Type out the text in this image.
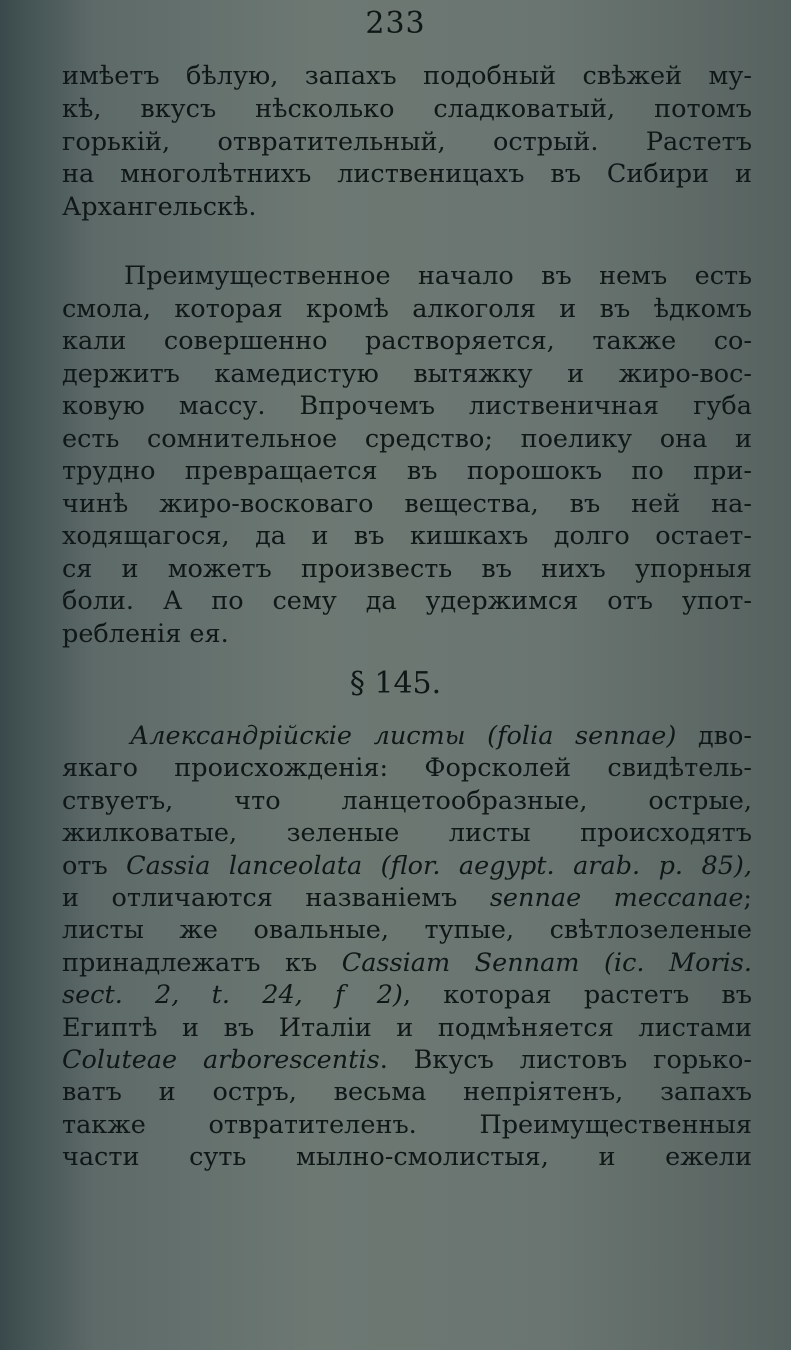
233
имѣетъ бѣлую, запахъ подобный свѣжей му-
кѣ, вкусъ нѣсколько сладковатый, потомъ
горькій, отвратительный, острый. Растетъ
на многолѣтнихъ лиственицахъ въ Сибири и
Архангельскѣ.
Преимущественное начало въ немъ есть
смола, которая кромѣ алкоголя и въ ѣдкомъ
кали совершенно растворяется, также со-
держитъ камедистую вытяжку и жиро-вос-
ковую массу. Впрочемъ лиственичная губа
есть сомнительное средство; поелику она и
трудно превращается въ порошокъ по при-
чинѣ жиро-восковаго вещества, въ ней на-
ходящагося, да и въ кишкахъ долго остает-
ся и можетъ произвесть въ нихъ упорныя
боли. А по сему да удержимся отъ упот-
ребленія ея.
§ 145.
Александрійскіе листы (folia sennae) дво-
якаго происхожденія: Форсколей свидѣтель-
ствуетъ, что ланцетообразные, острые,
жилковатые, зеленые листы происходятъ
отъ Cassia lanceolata (flor. aegypt. arab. p. 85),
и отличаются названіемъ sennae meccanae;
листы же овальные, тупые, свѣтлозеленые
принадлежатъ къ Cassiam Sennam (ic. Moris.
sect. 2, t. 24, f 2), которая растетъ въ
Египтѣ и въ Италіи и подмѣняется листами
Coluteae arborescentis. Вкусъ листовъ горько-
ватъ и остръ, весьма непріятенъ, запахъ
также отвратителенъ. Преимущественныя
части суть мылно-смолистыя, и ежели
